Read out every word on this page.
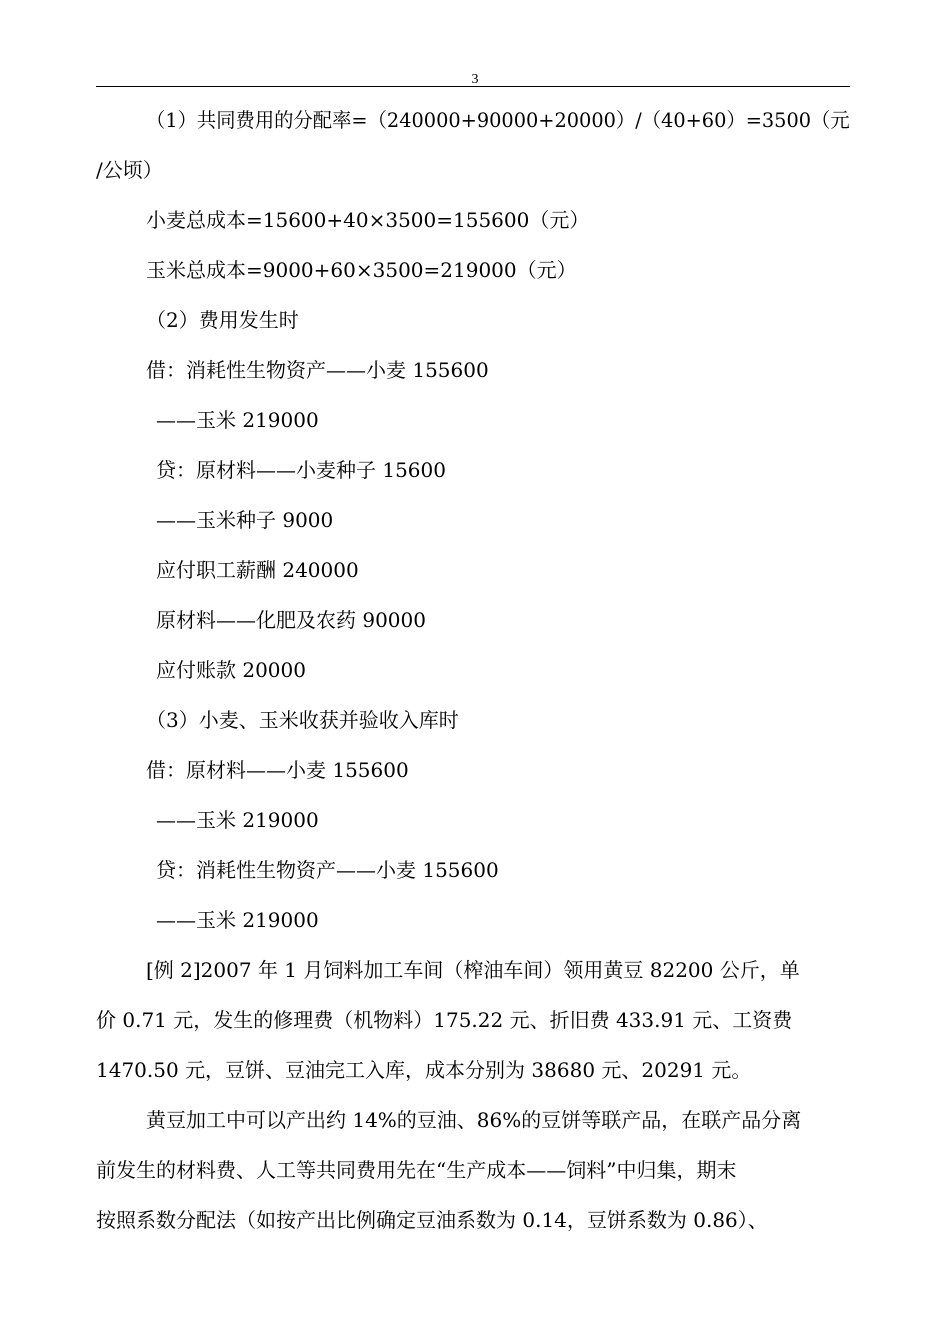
3
（1）共同费用的分配率=（240000+90000+20000）/（40+60）=3500（元
/公顷）
小麦总成本=15600+40×3500=155600（元）
玉米总成本=9000+60×3500=219000（元）
（2）费用发生时
借：消耗性生物资产——小麦 155600
——玉米 219000
贷：原材料——小麦种子 15600
——玉米种子 9000
应付职工薪酬 240000
原材料——化肥及农药 90000
应付账款 20000
（3）小麦、玉米收获并验收入库时
借：原材料——小麦 155600
——玉米 219000
贷：消耗性生物资产——小麦 155600
——玉米 219000
[例 2]2007 年 1 月饲料加工车间（榨油车间）领用黄豆 82200 公斤，单
价 0.71 元，发生的修理费（机物料）175.22 元、折旧费 433.91 元、工资费
1470.50 元，豆饼、豆油完工入库，成本分别为 38680 元、20291 元。
黄豆加工中可以产出约 14%的豆油、86%的豆饼等联产品，在联产品分离
前发生的材料费、人工等共同费用先在“生产成本——饲料”中归集，期末
按照系数分配法（如按产出比例确定豆油系数为 0.14，豆饼系数为 0.86）、
